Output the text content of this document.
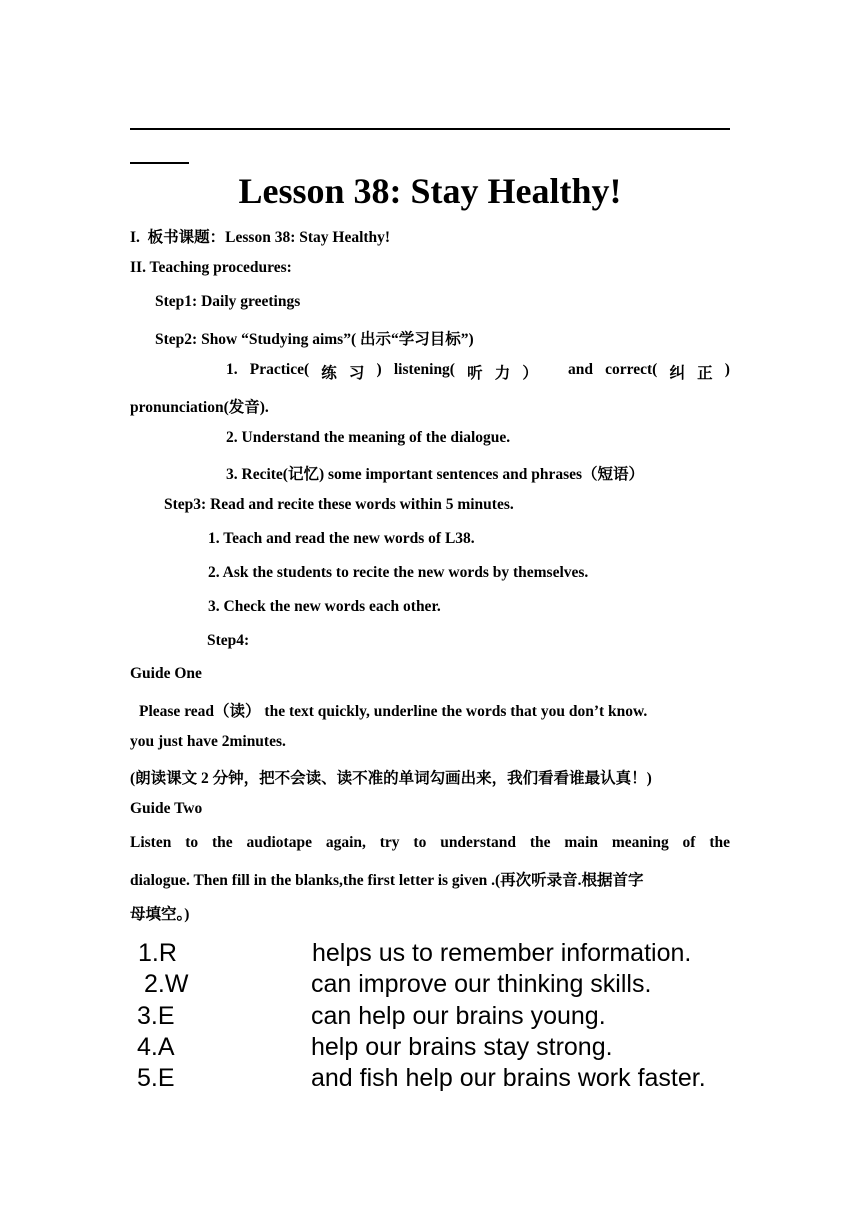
Lesson 38: Stay Healthy!
I. 板书课题：Lesson 38: Stay Healthy!
II. Teaching procedures:
Step1: Daily greetings
Step2: Show “Studying aims”( 出示“学习目标”)
1. Practice( 练 习 ) listening( 听 力 ） and correct( 纠 正 )
pronunciation(发音).
2. Understand the meaning of the dialogue.
3. Recite(记忆) some important sentences and phrases（短语）
Step3: Read and recite these words within 5 minutes.
1. Teach and read the new words of L38.
2. Ask the students to recite the new words by themselves.
3. Check the new words each other.
Step4:
Guide One
Please read（读） the text quickly, underline the words that you don’t know.
you just have 2minutes.
(朗读课文 2 分钟，把不会读、读不准的单词勾画出来，我们看看谁最认真！)
Guide Two
Listen to the audiotape again, try to understand the main meaning of the
dialogue. Then fill in the blanks,the first letter is given .(再次听录音.根据首字
母填空。)
1.R	helps us to remember information.
2.W	can improve our thinking skills.
3.E	can help our brains young.
4.A	help our brains stay strong.
5.E	and fish help our brains work faster.
